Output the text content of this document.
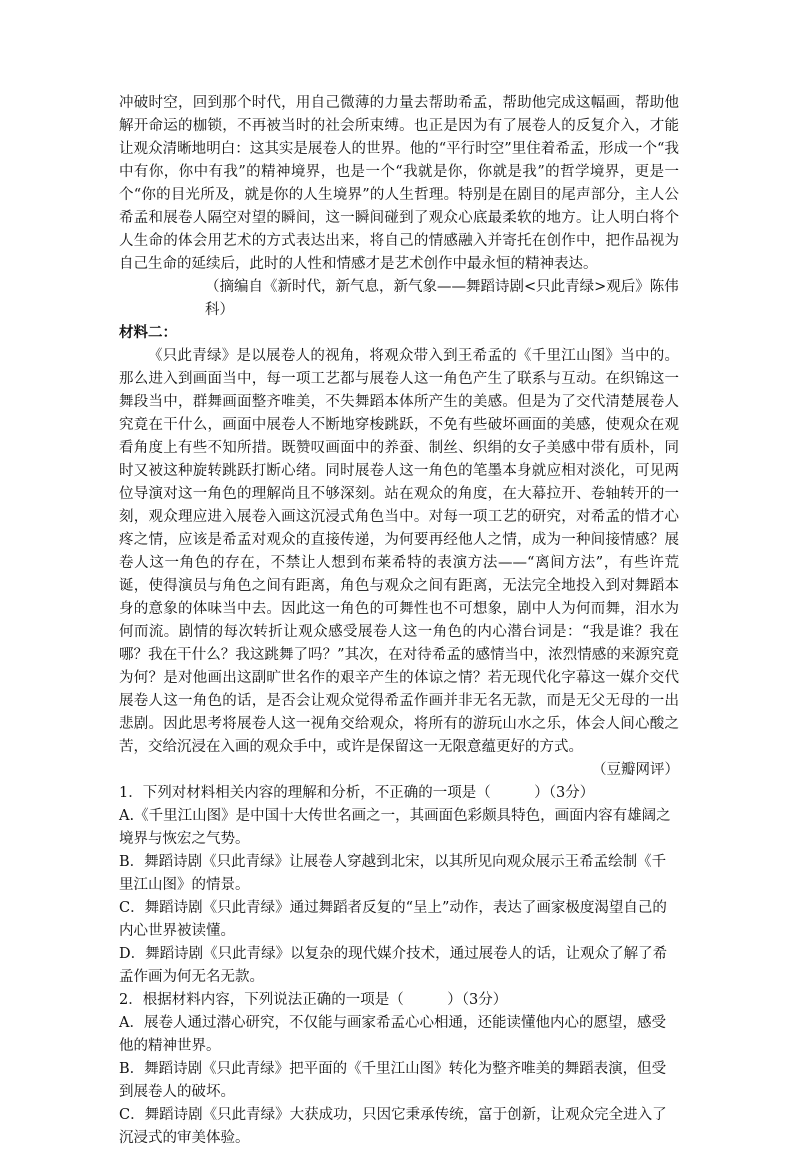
冲破时空，回到那个时代，用自己微薄的力量去帮助希孟，帮助他完成这幅画，帮助他解开命运的枷锁，不再被当时的社会所束缚。也正是因为有了展卷人的反复介入，才能让观众清晰地明白：这其实是展卷人的世界。他的“平行时空”里住着希孟，形成一个“我中有你，你中有我”的精神境界，也是一个“我就是你，你就是我”的哲学境界，更是一个“你的目光所及，就是你的人生境界”的人生哲理。特别是在剧目的尾声部分，主人公希孟和展卷人隔空对望的瞬间，这一瞬间碰到了观众心底最柔软的地方。让人明白将个人生命的体会用艺术的方式表达出来，将自己的情感融入并寄托在创作中，把作品视为自己生命的延续后，此时的人性和情感才是艺术创作中最永恒的精神表达。

（摘编自《新时代，新气息，新气象——舞蹈诗剧<只此青绿>观后》陈伟科）

材料二：

《只此青绿》是以展卷人的视角，将观众带入到王希孟的《千里江山图》当中的。那么进入到画面当中，每一项工艺都与展卷人这一角色产生了联系与互动。在织锦这一舞段当中，群舞画面整齐唯美，不失舞蹈本体所产生的美感。但是为了交代清楚展卷人究竟在干什么，画面中展卷人不断地穿梭跳跃，不免有些破坏画面的美感，使观众在观看角度上有些不知所措。既赞叹画面中的养蚕、制丝、织绢的女子美感中带有质朴，同时又被这种旋转跳跃打断心绪。同时展卷人这一角色的笔墨本身就应相对淡化，可见两位导演对这一角色的理解尚且不够深刻。站在观众的角度，在大幕拉开、卷轴转开的一刻，观众理应进入展卷入画这沉浸式角色当中。对每一项工艺的研究，对希孟的惜才心疼之情，应该是希孟对观众的直接传递，为何要再经他人之情，成为一种间接情感？展卷人这一角色的存在，不禁让人想到布莱希特的表演方法——“离间方法”，有些许荒诞，使得演员与角色之间有距离，角色与观众之间有距离，无法完全地投入到对舞蹈本身的意象的体味当中去。因此这一角色的可舞性也不可想象，剧中人为何而舞，泪水为何而流。剧情的每次转折让观众感受展卷人这一角色的内心潜台词是：“我是谁？我在哪？我在干什么？我这跳舞了吗？”其次，在对待希孟的感情当中，浓烈情感的来源究竟为何？是对他画出这副旷世名作的艰辛产生的体谅之情？若无现代化字幕这一媒介交代展卷人这一角色的话，是否会让观众觉得希孟作画并非无名无款，而是无父无母的一出悲剧。因此思考将展卷人这一视角交给观众，将所有的游玩山水之乐，体会人间心酸之苦，交给沉浸在入画的观众手中，或许是保留这一无限意蕴更好的方式。

（豆瓣网评）

1．下列对材料相关内容的理解和分析，不正确的一项是（　　　）（3分）

A.《千里江山图》是中国十大传世名画之一，其画面色彩颇具特色，画面内容有雄阔之境界与恢宏之气势。

B．舞蹈诗剧《只此青绿》让展卷人穿越到北宋，以其所见向观众展示王希孟绘制《千里江山图》的情景。

C．舞蹈诗剧《只此青绿》通过舞蹈者反复的“呈上”动作，表达了画家极度渴望自己的内心世界被读懂。

D．舞蹈诗剧《只此青绿》以复杂的现代媒介技术，通过展卷人的话，让观众了解了希孟作画为何无名无款。

2．根据材料内容，下列说法正确的一项是（　　　）（3分）

A．展卷人通过潜心研究，不仅能与画家希孟心心相通，还能读懂他内心的愿望，感受他的精神世界。

B．舞蹈诗剧《只此青绿》把平面的《千里江山图》转化为整齐唯美的舞蹈表演，但受到展卷人的破坏。

C．舞蹈诗剧《只此青绿》大获成功，只因它秉承传统，富于创新，让观众完全进入了沉浸式的审美体验。
